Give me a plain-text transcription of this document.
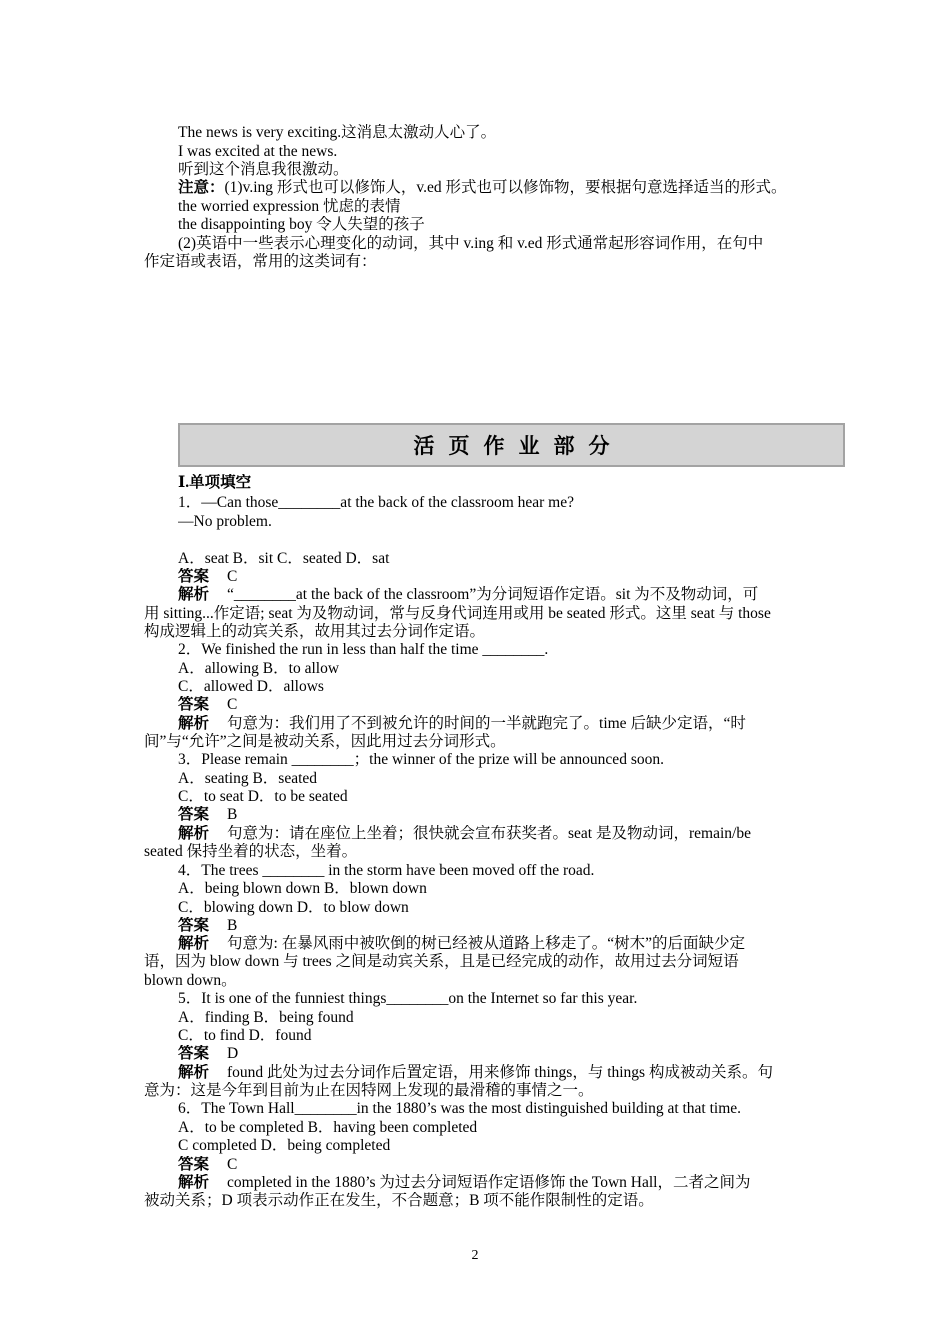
The news is very exciting.这消息太激动人心了。
I was excited at the news.
听到这个消息我很激动。
注意：(1)v.ing 形式也可以修饰人，v.ed 形式也可以修饰物，要根据句意选择适当的形式。
the worried expression 忧虑的表情
the disappointing boy 令人失望的孩子
(2)英语中一些表示心理变化的动词，其中 v.ing 和 v.ed 形式通常起形容词作用，在句中
作定语或表语，常用的这类词有：
活页作业部分
Ⅰ.单项填空
1．—Can those________at the back of the classroom hear me?
—No problem.
A．seat B．sit C．seated D．sat
答案 C
解析 “________at the back of the classroom”为分词短语作定语。sit 为不及物动词，可
用 sitting...作定语; seat 为及物动词，常与反身代词连用或用 be seated 形式。这里 seat 与 those
构成逻辑上的动宾关系，故用其过去分词作定语。
2．We finished the run in less than half the time ________.
A．allowing B．to allow
C．allowed D．allows
答案 C
解析 句意为：我们用了不到被允许的时间的一半就跑完了。time 后缺少定语，“时
间”与“允许”之间是被动关系，因此用过去分词形式。
3．Please remain ________；the winner of the prize will be announced soon.
A．seating B．seated
C．to seat D．to be seated
答案 B
解析 句意为：请在座位上坐着；很快就会宣布获奖者。seat 是及物动词，remain/be
seated 保持坐着的状态，坐着。
4．The trees ________ in the storm have been moved off the road.
A．being blown down B．blown down
C．blowing down D．to blow down
答案 B
解析 句意为: 在暴风雨中被吹倒的树已经被从道路上移走了。“树木”的后面缺少定
语，因为 blow down 与 trees 之间是动宾关系，且是已经完成的动作，故用过去分词短语
blown down。
5．It is one of the funniest things________on the Internet so far this year.
A．finding B．being found
C．to find D．found
答案 D
解析 found 此处为过去分词作后置定语，用来修饰 things，与 things 构成被动关系。句
意为：这是今年到目前为止在因特网上发现的最滑稽的事情之一。
6．The Town Hall________in the 1880’s was the most distinguished building at that time.
A．to be completed B．having been completed
C completed D．being completed
答案 C
解析 completed in the 1880’s 为过去分词短语作定语修饰 the Town Hall，二者之间为
被动关系；D 项表示动作正在发生，不合题意；B 项不能作限制性的定语。
2
